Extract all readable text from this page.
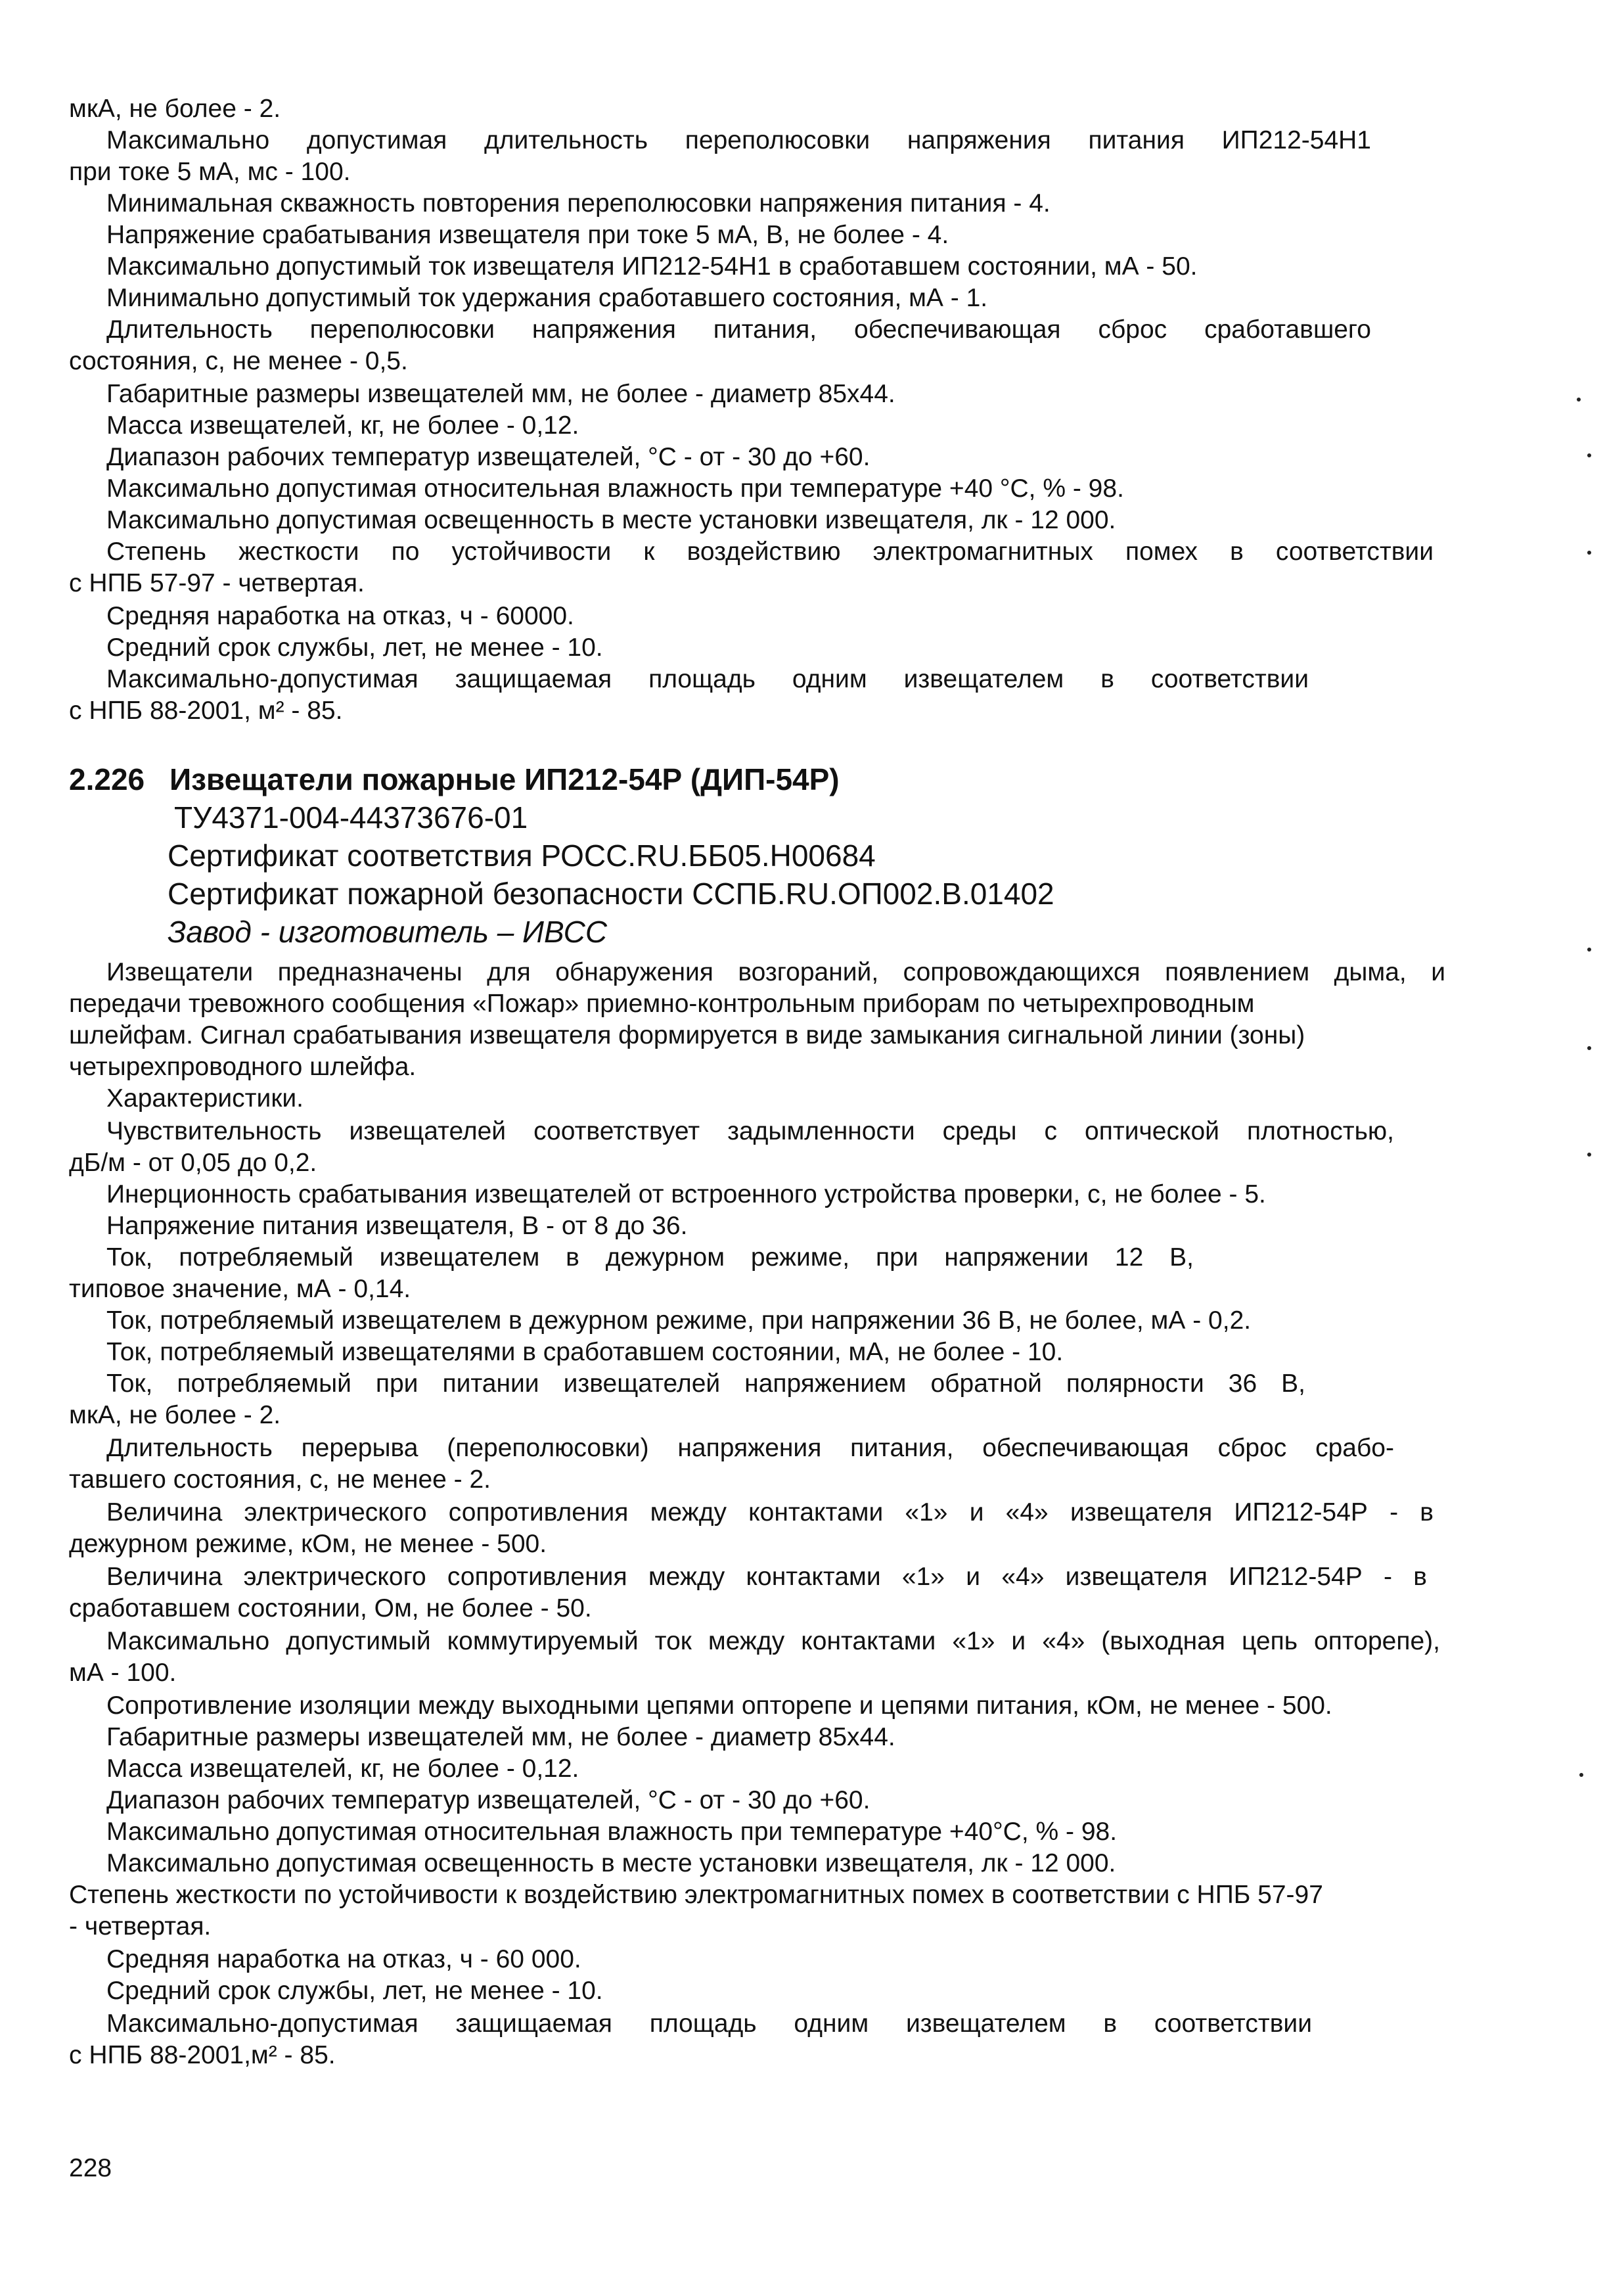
мкА, не более - 2.
Максимально допустимая длительность переполюсовки напряжения питания ИП212-54Н1
при токе 5 мА, мс - 100.
Минимальная скважность повторения переполюсовки напряжения питания - 4.
Напряжение срабатывания извещателя при токе 5 мА, В, не более - 4.
Максимально допустимый ток извещателя ИП212-54Н1 в сработавшем состоянии, мА - 50.
Минимально допустимый ток удержания сработавшего состояния, мА - 1.
Длительность переполюсовки напряжения питания, обеспечивающая сброс сработавшего
состояния, с, не менее - 0,5.
Габаритные размеры извещателей мм, не более - диаметр 85х44.
Масса извещателей, кг, не более - 0,12.
Диапазон рабочих температур извещателей, °С - от - 30 до +60.
Максимально допустимая относительная влажность при температуре +40 °С, % - 98.
Максимально допустимая освещенность в месте установки извещателя, лк - 12 000.
Степень жесткости по устойчивости к воздействию электромагнитных помех в соответствии
с НПБ 57-97 - четвертая.
Средняя наработка на отказ, ч - 60000.
Средний срок службы, лет, не менее - 10.
Максимально-допустимая защищаемая площадь одним извещателем в соответствии
с НПБ 88-2001, м² - 85.
2.226 Извещатели пожарные ИП212-54Р (ДИП-54Р)
ТУ4371-004-44373676-01
Сертификат соответствия РОСС.RU.ББ05.Н00684
Сертификат пожарной безопасности ССПБ.RU.ОП002.В.01402
Завод - изготовитель – ИВСС
Извещатели предназначены для обнаружения возгораний, сопровождающихся появлением дыма, и
передачи тревожного сообщения «Пожар» приемно-контрольным приборам по четырехпроводным
шлейфам. Сигнал срабатывания извещателя формируется в виде замыкания сигнальной линии (зоны)
четырехпроводного шлейфа.
Характеристики.
Чувствительность извещателей соответствует задымленности среды с оптической плотностью,
дБ/м - от 0,05 до 0,2.
Инерционность срабатывания извещателей от встроенного устройства проверки, с, не более - 5.
Напряжение питания извещателя, В - от 8 до 36.
Ток, потребляемый извещателем в дежурном режиме, при напряжении 12 В,
типовое значение, мА - 0,14.
Ток, потребляемый извещателем в дежурном режиме, при напряжении 36 В, не более, мА - 0,2.
Ток, потребляемый извещателями в сработавшем состоянии, мА, не более - 10.
Ток, потребляемый при питании извещателей напряжением обратной полярности 36 В,
мкА, не более - 2.
Длительность перерыва (переполюсовки) напряжения питания, обеспечивающая сброс срабо-
тавшего состояния, с, не менее - 2.
Величина электрического сопротивления между контактами «1» и «4» извещателя ИП212-54Р - в
дежурном режиме, кОм, не менее - 500.
Величина электрического сопротивления между контактами «1» и «4» извещателя ИП212-54Р - в
сработавшем состоянии, Ом, не более - 50.
Максимально допустимый коммутируемый ток между контактами «1» и «4» (выходная цепь опторепе),
мА - 100.
Сопротивление изоляции между выходными цепями опторепе и цепями питания, кОм, не менее - 500.
Габаритные размеры извещателей мм, не более - диаметр 85х44.
Масса извещателей, кг, не более - 0,12.
Диапазон рабочих температур извещателей, °С - от - 30 до +60.
Максимально допустимая относительная влажность при температуре +40°С, % - 98.
Максимально допустимая освещенность в месте установки извещателя, лк - 12 000.
Степень жесткости по устойчивости к воздействию электромагнитных помех в соответствии с НПБ 57-97
- четвертая.
Средняя наработка на отказ, ч - 60 000.
Средний срок службы, лет, не менее - 10.
Максимально-допустимая защищаемая площадь одним извещателем в соответствии
с НПБ 88-2001,м² - 85.
228
